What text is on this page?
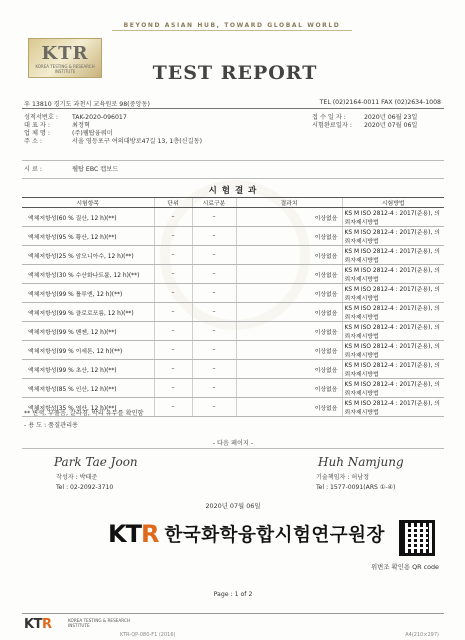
BEYOND ASIAN HUB, TOWARD GLOBAL WORLD
KTR
KOREA TESTING & RESEARCH INSTITUTE	TEST REPORT
우 13810 경기도 과천시 교육원로 98(중앙동)	TEL (02)2164-0011 FAX (02)2634-1008
성적서번호 : TAK-2020-096017
대 표 자 :	최정혁
업 체 명 :	(주)웰탑융쿼미
주 소 :	서울 영등포구 여의대방로47길 13, 1층(신길동)
접 수 일 자 :	2020년 06월 23일
시험완료일자 : 2020년 07월 06일
시 료 :	웰탑 EBC 캡보드
시 험 결 과
시험항목	단위	시료구분	결과치	시험방법
액체저항성(60 % 질산, 12 h)(**)	–	–	이상없음	KS M ISO 2812-4 : 2017(준용), 의뢰자제시방법
액체저항성(95 % 황산, 12 h)(**)	–	–	이상없음	KS M ISO 2812-4 : 2017(준용), 의뢰자제시방법
액체저항성(25 % 암모니아수, 12 h)(**)	–	–	이상없음	KS M ISO 2812-4 : 2017(준용), 의뢰자제시방법
액체저항성(30 % 수산화나트륨, 12 h)(**)	–	–	이상없음	KS M ISO 2812-4 : 2017(준용), 의뢰자제시방법
액체저항성(99 % 톨루엔, 12 h)(**)	–	–	이상없음	KS M ISO 2812-4 : 2017(준용), 의뢰자제시방법
액체저항성(99 % 클로로포름, 12 h)(**)	–	–	이상없음	KS M ISO 2812-4 : 2017(준용), 의뢰자제시방법
액체저항성(99 % 벤젠, 12 h)(**)	–	–	이상없음	KS M ISO 2812-4 : 2017(준용), 의뢰자제시방법
액체저항성(99 % 이세톤, 12 h)(**)	–	–	이상없음	KS M ISO 2812-4 : 2017(준용), 의뢰자제시방법
액체저항성(99 % 초산, 12 h)(**)	–	–	이상없음	KS M ISO 2812-4 : 2017(준용), 의뢰자제시방법
액체저항성(85 % 인산, 12 h)(**)	–	–	이상없음	KS M ISO 2812-4 : 2017(준용), 의뢰자제시방법
액체저항성(35 % 염산, 12 h)(**)	–	–	이상없음	KS M ISO 2812-4 : 2017(준용), 의뢰자제시방법
** 변색, 부풀음, 갈라짐, 박리 유무를 확인함
- 용 도 : 품질관리용
- 다음 페이지 -
Park Tae Joon
작성자 : 박태준
Tel : 02-2092-3710
Huh Namjung
기술책임자 : 허남정
Tel : 1577-0091(ARS ①-④)
2020년 07월 06일
KTR 한국화학융합시험연구원장
위변조 확인용 QR code
Page : 1 of 2
KTR	KOREA TESTING & RESEARCH INSTITUTE
KTR-QP-080-F1 (2016)	A4(210×297)
